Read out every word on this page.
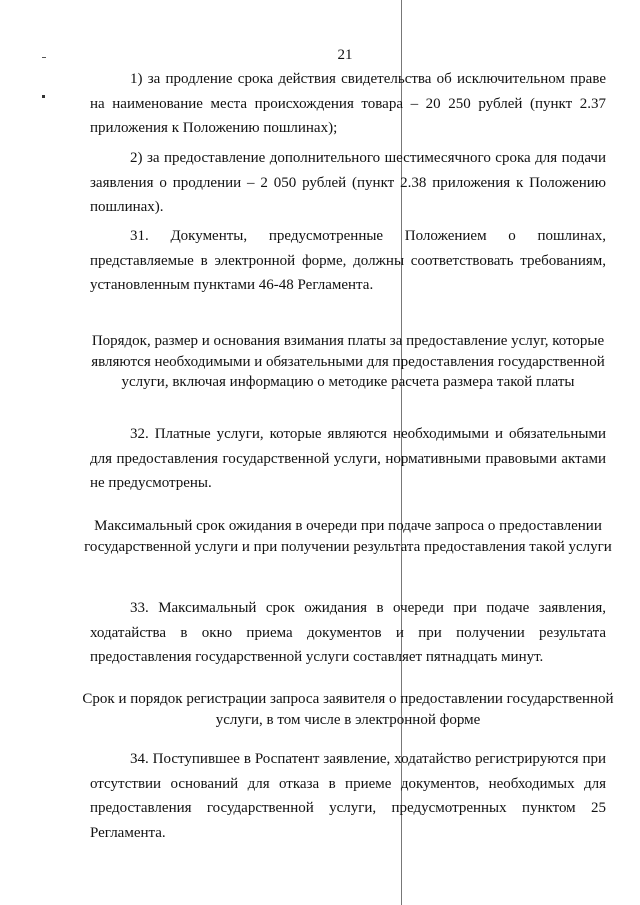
21
1) за продление срока действия свидетельства об исключительном праве на наименование места происхождения товара – 20 250 рублей (пункт 2.37 приложения к Положению пошлинах);
2) за предоставление дополнительного шестимесячного срока для подачи заявления о продлении – 2 050 рублей (пункт 2.38 приложения к Положению пошлинах).
31. Документы, предусмотренные Положением о пошлинах, представляемые в электронной форме, должны соответствовать требованиям, установленным пунктами 46-48 Регламента.
Порядок, размер и основания взимания платы за предоставление услуг, которые являются необходимыми и обязательными для предоставления государственной услуги, включая информацию о методике расчета размера такой платы
32. Платные услуги, которые являются необходимыми и обязательными для предоставления государственной услуги, нормативными правовыми актами не предусмотрены.
Максимальный срок ожидания в очереди при подаче запроса о предоставлении государственной услуги и при получении результата предоставления такой услуги
33. Максимальный срок ожидания в очереди при подаче заявления, ходатайства в окно приема документов и при получении результата предоставления государственной услуги составляет пятнадцать минут.
Срок и порядок регистрации запроса заявителя о предоставлении государственной услуги, в том числе в электронной форме
34. Поступившее в Роспатент заявление, ходатайство регистрируются при отсутствии оснований для отказа в приеме документов, необходимых для предоставления государственной услуги, предусмотренных пунктом 25 Регламента.
